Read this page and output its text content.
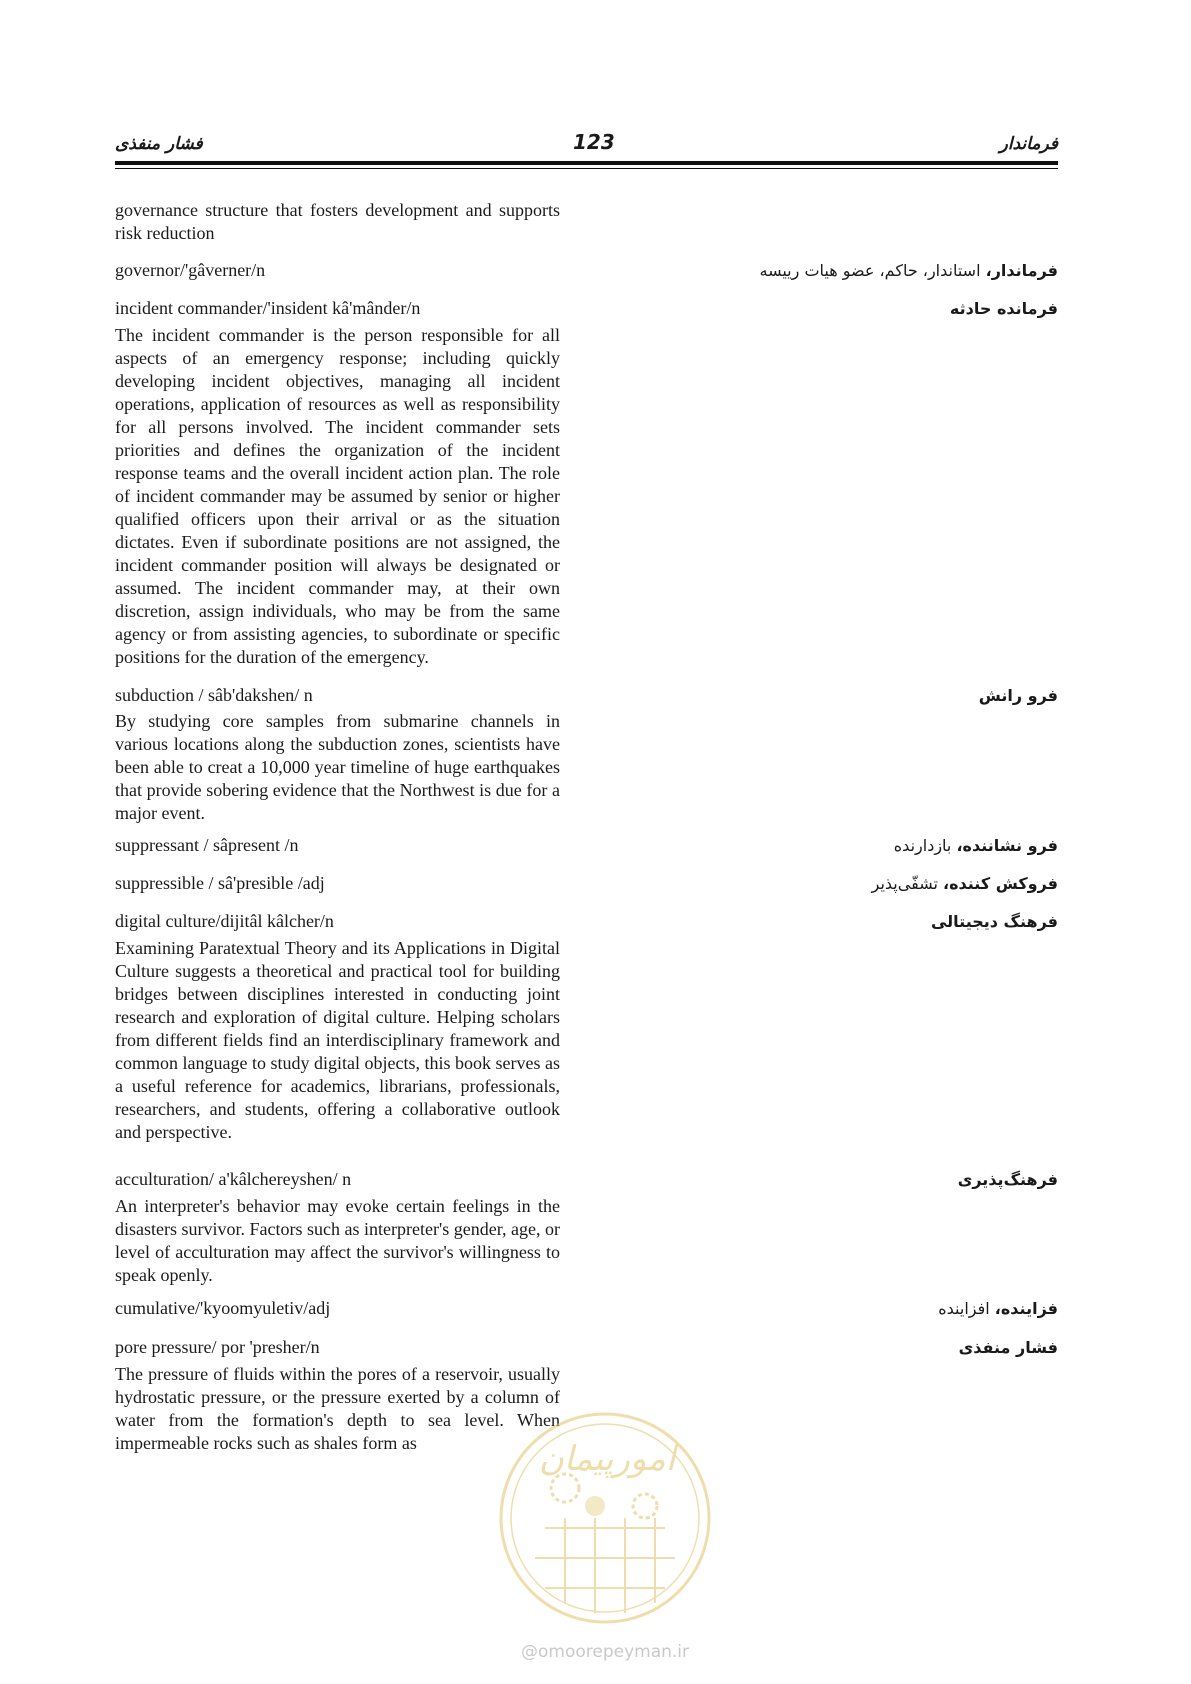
فشار منفذی	123	فرماندار

governance structure that fosters development and supports risk reduction

governor/'gâverner/n	فرماندار، استاندار، حاکم، عضو هیات رییسه
incident commander/'insident kâ'mânder/n	فرمانده حادثه

The incident commander is the person responsible for all aspects of an emergency response; including quickly developing incident objectives, managing all incident operations, application of resources as well as responsibility for all persons involved. The incident commander sets priorities and defines the organization of the incident response teams and the overall incident action plan. The role of incident commander may be assumed by senior or higher qualified officers upon their arrival or as the situation dictates. Even if subordinate positions are not assigned, the incident commander position will always be designated or assumed. The incident commander may, at their own discretion, assign individuals, who may be from the same agency or from assisting agencies, to subordinate or specific positions for the duration of the emergency.

subduction / sâb'dakshen/ n	فرو رانش

By studying core samples from submarine channels in various locations along the subduction zones, scientists have been able to creat a 10,000 year timeline of huge earthquakes that provide sobering evidence that the Northwest is due for a major event.

suppressant / sâpresent /n	فرو نشاننده، بازدارنده
suppressible / sâ'presible /adj	فروکش کننده، تشفّی‌پذیر
digital culture/dijitâl kâlcher/n	فرهنگ دیجیتالی

Examining Paratextual Theory and its Applications in Digital Culture suggests a theoretical and practical tool for building bridges between disciplines interested in conducting joint research and exploration of digital culture. Helping scholars from different fields find an interdisciplinary framework and common language to study digital objects, this book serves as a useful reference for academics, librarians, professionals, researchers, and students, offering a collaborative outlook and perspective.

acculturation/ a'kâlchereyshen/ n	فرهنگ‌پذیری

An interpreter's behavior may evoke certain feelings in the disasters survivor. Factors such as interpreter's gender, age, or level of acculturation may affect the survivor's willingness to speak openly.

cumulative/'kyoomyuletiv/adj	فزاینده، افزاینده
pore pressure/ por 'presher/n	فشار منفذی

The pressure of fluids within the pores of a reservoir, usually hydrostatic pressure, or the pressure exerted by a column of water from the formation's depth to sea level. When impermeable rocks such as shales form as	امورپیمان
@omoorepeyman.ir
